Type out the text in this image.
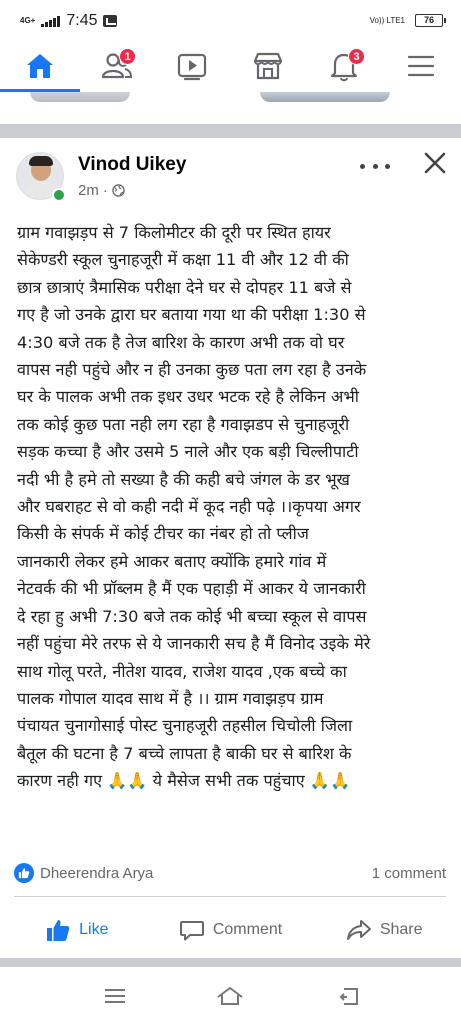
4G+ 7:45	Vo)) LTE1	76
1	3
Vinod Uikey
2m ·
ग्राम गवाझड़प से 7 किलोमीटर की दूरी पर स्थित हायर
सेकेण्डरी स्कूल चुनाहजूरी में कक्षा 11 वी और 12 वी की
छात्र छात्राएं त्रैमासिक परीक्षा देने घर से दोपहर 11 बजे से
गए है जो उनके द्वारा घर बताया गया था की परीक्षा 1:30 से
4:30 बजे तक है तेज बारिश के कारण अभी तक वो घर
वापस नही पहुंचे और न ही उनका कुछ पता लग रहा है उनके
घर के पालक अभी तक इधर उधर भटक रहे है लेकिन अभी
तक कोई कुछ पता नही लग रहा है गवाझडप से चुनाहजूरी
सड़क कच्चा है और उसमे 5 नाले और एक बड़ी चिल्लीपाटी
नदी भी है हमे तो सख्या है की कही बचे जंगल के डर भूख
और घबराहट से वो कही नदी में कूद नही पढ़े ।।कृपया अगर
किसी के संपर्क में कोई टीचर का नंबर हो तो प्लीज
जानकारी लेकर हमे आकर बताए क्योंकि हमारे गांव में
नेटवर्क की भी प्रॉब्लम है मैं एक पहाड़ी में आकर ये जानकारी
दे रहा हु अभी 7:30 बजे तक कोई भी बच्चा स्कूल से वापस
नहीं पहुंचा मेरे तरफ से ये जानकारी सच है मैं विनोद उइके मेरे
साथ गोलू परते, नीतेश यादव, राजेश यादव ,एक बच्चे का
पालक गोपाल यादव साथ में है ।। ग्राम गवाझड़प ग्राम
पंचायत चुनागोसाई पोस्ट चुनाहजूरी तहसील चिचोली जिला
बैतूल की घटना है 7 बच्चे लापता है बाकी घर से बारिश के
कारण नही गए 🙏🙏 ये मैसेज सभी तक पहुंचाए 🙏🙏
Dheerendra Arya	1 comment
Like	Comment	Share
